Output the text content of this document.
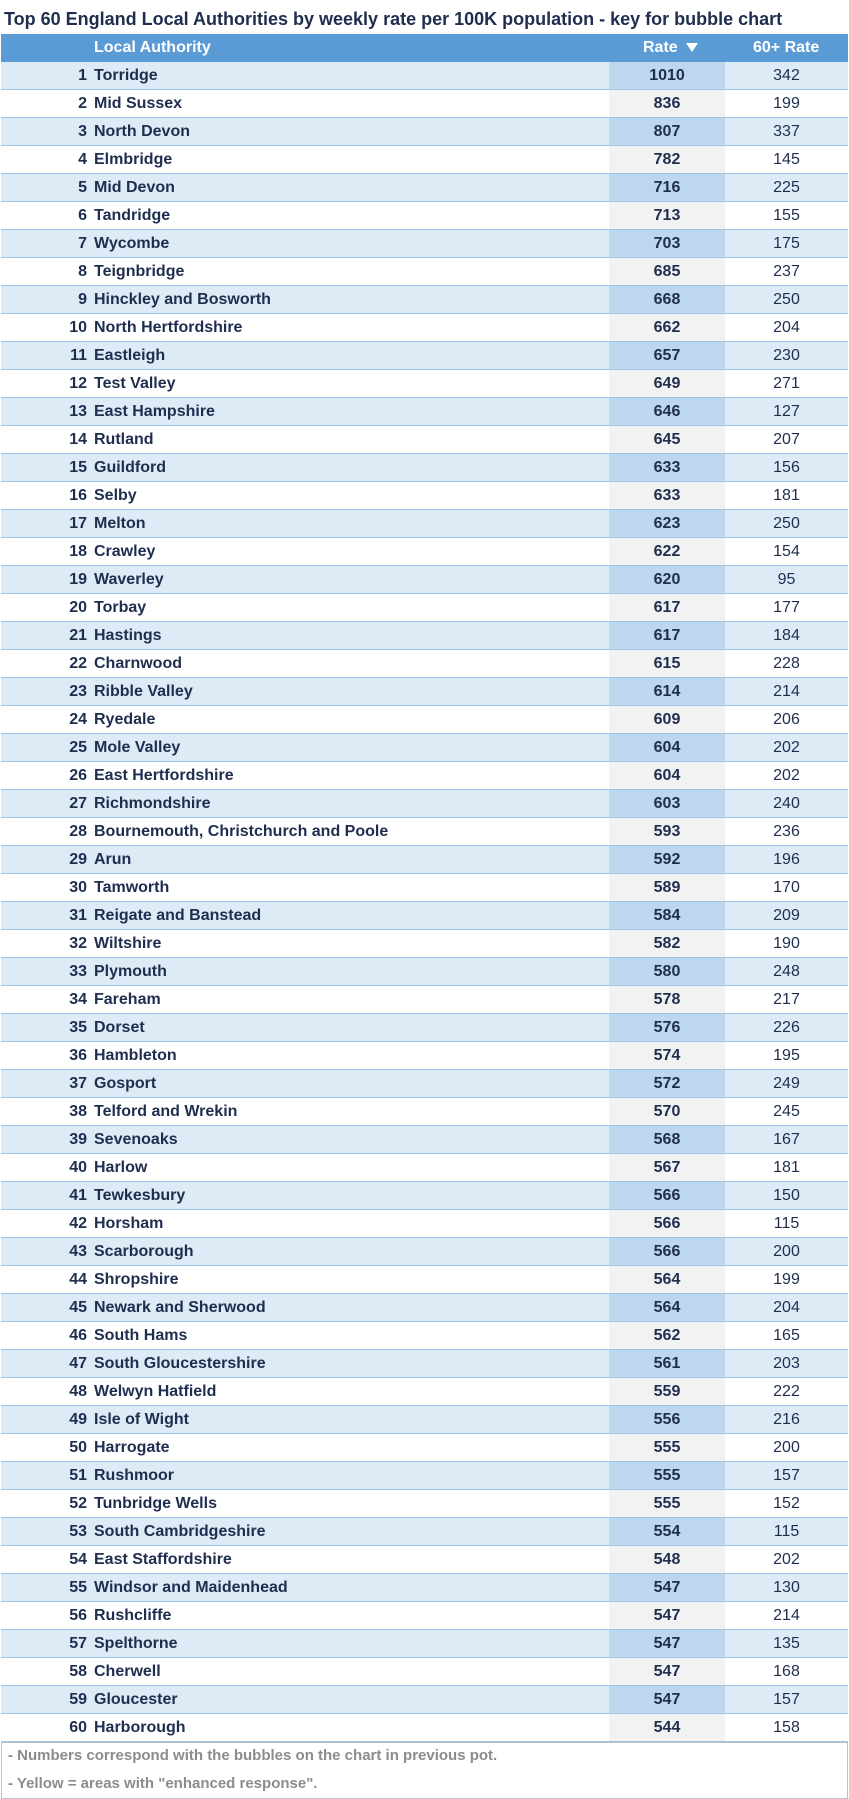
Top 60 England Local Authorities by weekly rate per 100K population - key for bubble chart
Local Authority	Rate	60+ Rate
1 Torridge	1010	342
2 Mid Sussex	836	199
3 North Devon	807	337
4 Elmbridge	782	145
5 Mid Devon	716	225
6 Tandridge	713	155
7 Wycombe	703	175
8 Teignbridge	685	237
9 Hinckley and Bosworth	668	250
10 North Hertfordshire	662	204
11 Eastleigh	657	230
12 Test Valley	649	271
13 East Hampshire	646	127
14 Rutland	645	207
15 Guildford	633	156
16 Selby	633	181
17 Melton	623	250
18 Crawley	622	154
19 Waverley	620	95
20 Torbay	617	177
21 Hastings	617	184
22 Charnwood	615	228
23 Ribble Valley	614	214
24 Ryedale	609	206
25 Mole Valley	604	202
26 East Hertfordshire	604	202
27 Richmondshire	603	240
28 Bournemouth, Christchurch and Poole	593	236
29 Arun	592	196
30 Tamworth	589	170
31 Reigate and Banstead	584	209
32 Wiltshire	582	190
33 Plymouth	580	248
34 Fareham	578	217
35 Dorset	576	226
36 Hambleton	574	195
37 Gosport	572	249
38 Telford and Wrekin	570	245
39 Sevenoaks	568	167
40 Harlow	567	181
41 Tewkesbury	566	150
42 Horsham	566	115
43 Scarborough	566	200
44 Shropshire	564	199
45 Newark and Sherwood	564	204
46 South Hams	562	165
47 South Gloucestershire	561	203
48 Welwyn Hatfield	559	222
49 Isle of Wight	556	216
50 Harrogate	555	200
51 Rushmoor	555	157
52 Tunbridge Wells	555	152
53 South Cambridgeshire	554	115
54 East Staffordshire	548	202
55 Windsor and Maidenhead	547	130
56 Rushcliffe	547	214
57 Spelthorne	547	135
58 Cherwell	547	168
59 Gloucester	547	157
60 Harborough	544	158
- Numbers correspond with the bubbles on the chart in previous pot.
- Yellow = areas with "enhanced response".
